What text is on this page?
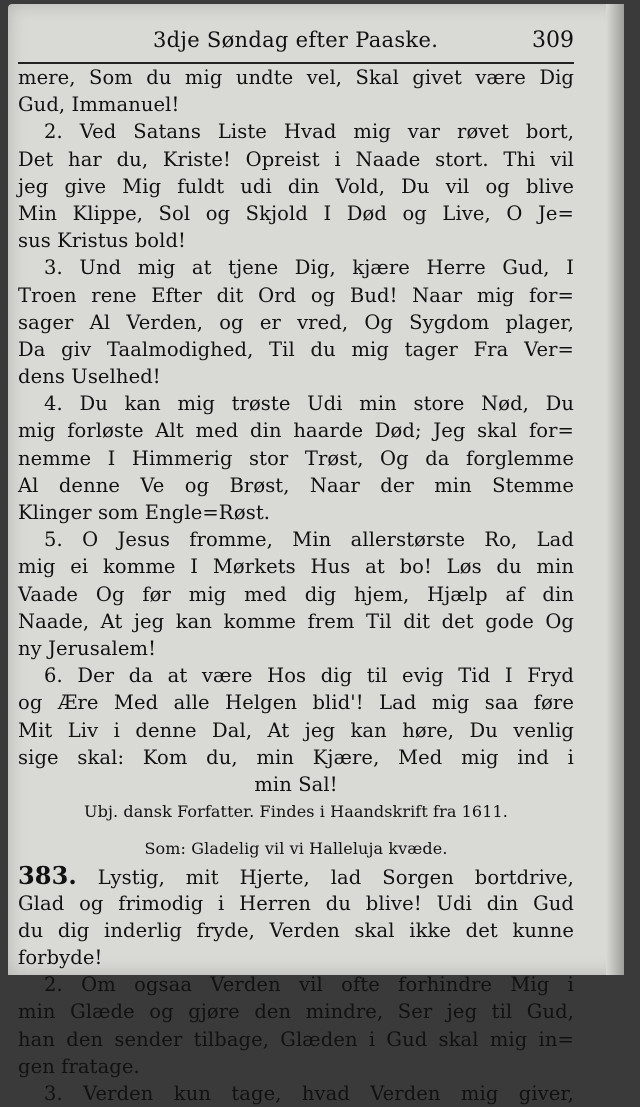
3dje Søndag efter Paaske.	309
mere, Som du mig undte vel, Skal givet være Dig
Gud, Immanuel!
2. Ved Satans Liste Hvad mig var røvet bort,
Det har du, Kriste! Opreist i Naade stort. Thi vil
jeg give Mig fuldt udi din Vold, Du vil og blive
Min Klippe, Sol og Skjold I Død og Live, O Je=
sus Kristus bold!
3. Und mig at tjene Dig, kjære Herre Gud, I
Troen rene Efter dit Ord og Bud! Naar mig for=
sager Al Verden, og er vred, Og Sygdom plager,
Da giv Taalmodighed, Til du mig tager Fra Ver=
dens Uselhed!
4. Du kan mig trøste Udi min store Nød, Du
mig forløste Alt med din haarde Død; Jeg skal for=
nemme I Himmerig stor Trøst, Og da forglemme
Al denne Ve og Brøst, Naar der min Stemme
Klinger som Engle=Røst.
5. O Jesus fromme, Min allerstørste Ro, Lad
mig ei komme I Mørkets Hus at bo! Løs du min
Vaade Og før mig med dig hjem, Hjælp af din
Naade, At jeg kan komme frem Til dit det gode Og
ny Jerusalem!
6. Der da at være Hos dig til evig Tid I Fryd
og Ære Med alle Helgen blid'! Lad mig saa føre
Mit Liv i denne Dal, At jeg kan høre, Du venlig
sige skal: Kom du, min Kjære, Med mig ind i
min Sal!
Ubj. dansk Forfatter. Findes i Haandskrift fra 1611.
Som: Gladelig vil vi Halleluja kvæde.
383. Lystig, mit Hjerte, lad Sorgen bortdrive,
Glad og frimodig i Herren du blive! Udi din Gud
du dig inderlig fryde, Verden skal ikke det kunne
forbyde!
2. Om ogsaa Verden vil ofte forhindre Mig i
min Glæde og gjøre den mindre, Ser jeg til Gud,
han den sender tilbage, Glæden i Gud skal mig in=
gen fratage.
3. Verden kun tage, hvad Verden mig giver,
